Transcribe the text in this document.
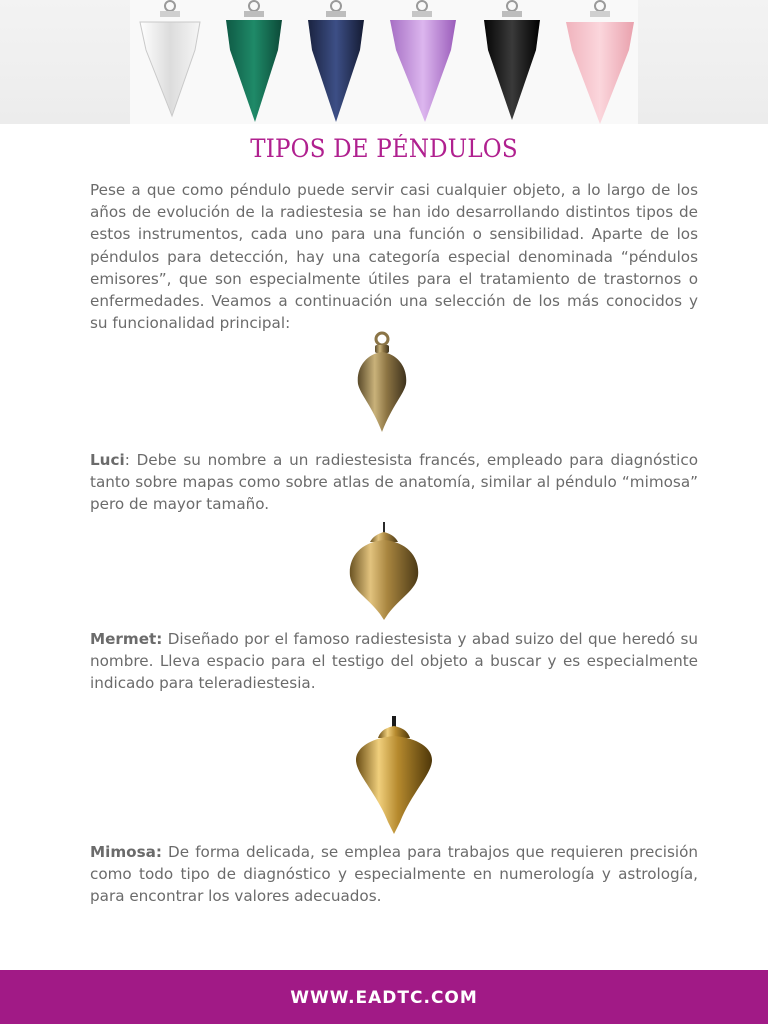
TIPOS DE PÉNDULOS
Pese a que como péndulo puede servir casi cualquier objeto, a lo largo de los años de evolución de la radiestesia se han ido desarrollando distintos tipos de estos instrumentos, cada uno para una función o sensibilidad. Aparte de los péndulos para detección, hay una categoría especial denominada “péndulos emisores”, que son especialmente útiles para el tratamiento de trastornos o enfermedades. Veamos a continuación una selección de los más conocidos y su funcionalidad principal:
Luci: Debe su nombre a un radiestesista francés, empleado para diagnóstico tanto sobre mapas como sobre atlas de anatomía, similar al péndulo “mimosa” pero de mayor tamaño.
Mermet: Diseñado por el famoso radiestesista y abad suizo del que heredó su nombre. Lleva espacio para el testigo del objeto a buscar y es especialmente indicado para teleradiestesia.
Mimosa: De forma delicada, se emplea para trabajos que requieren precisión como todo tipo de diagnóstico y especialmente en numerología y astrología, para encontrar los valores adecuados.
WWW.EADTC.COM
